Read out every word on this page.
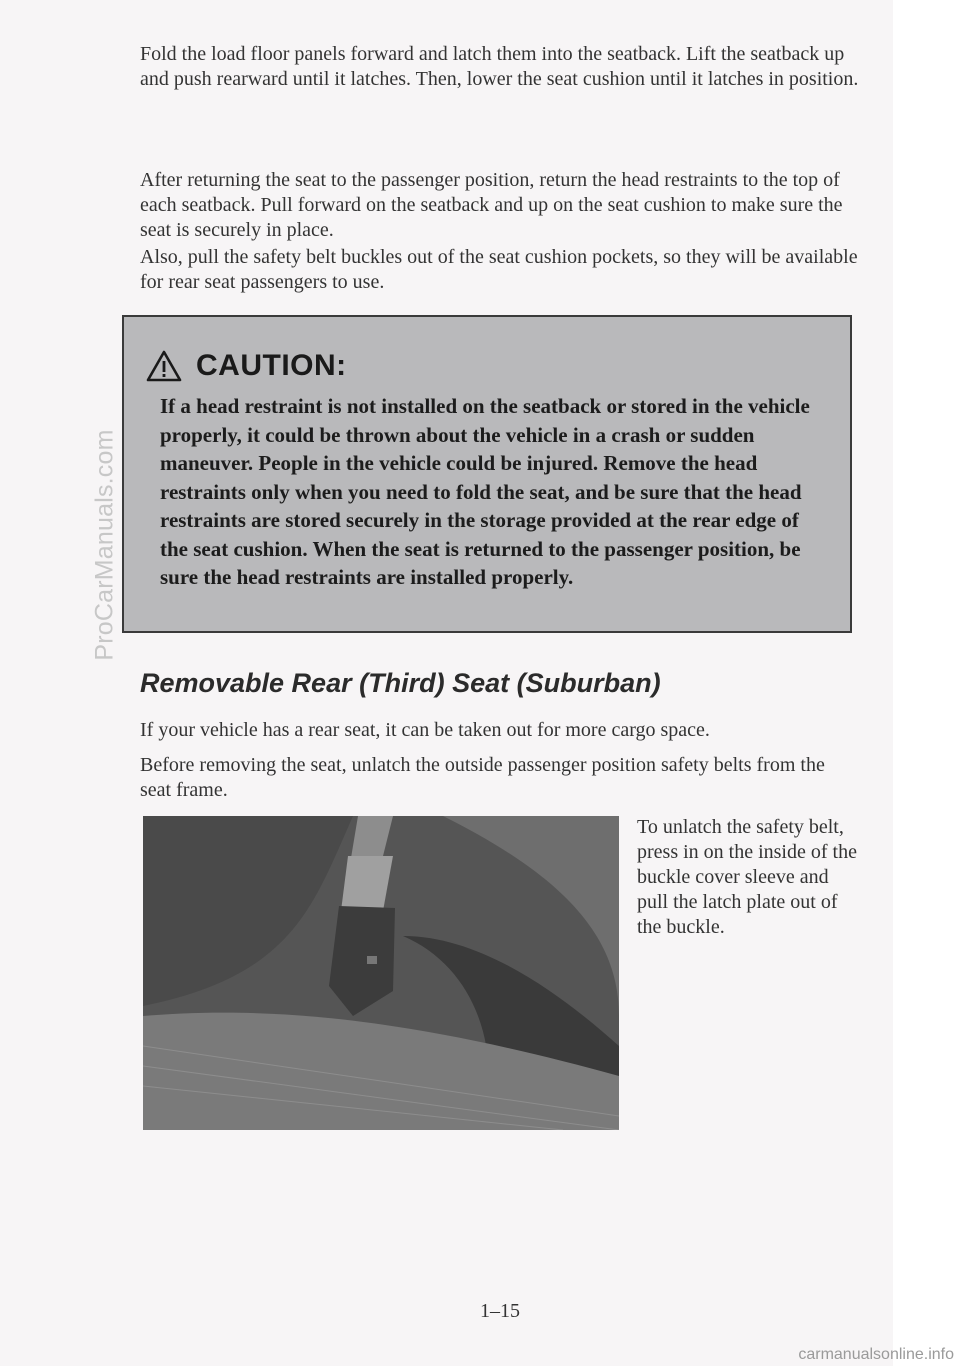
ProCarManuals.com

Fold the load floor panels forward and latch them into the seatback. Lift the seatback up and push rearward until it latches. Then, lower the seat cushion until it latches in position.

After returning the seat to the passenger position, return the head restraints to the top of each seatback. Pull forward on the seatback and up on the seat cushion to make sure the seat is securely in place.

Also, pull the safety belt buckles out of the seat cushion pockets, so they will be available for rear seat passengers to use.

CAUTION:

If a head restraint is not installed on the seatback or stored in the vehicle properly, it could be thrown about the vehicle in a crash or sudden maneuver. People in the vehicle could be injured. Remove the head restraints only when you need to fold the seat, and be sure that the head restraints are stored securely in the storage provided at the rear edge of the seat cushion. When the seat is returned to the passenger position, be sure the head restraints are installed properly.

Removable Rear (Third) Seat (Suburban)

If your vehicle has a rear seat, it can be taken out for more cargo space.

Before removing the seat, unlatch the outside passenger position safety belts from the seat frame.

To unlatch the safety belt, press in on the inside of the buckle cover sleeve and pull the latch plate out of the buckle.

1–15
carmanualsonline.info
